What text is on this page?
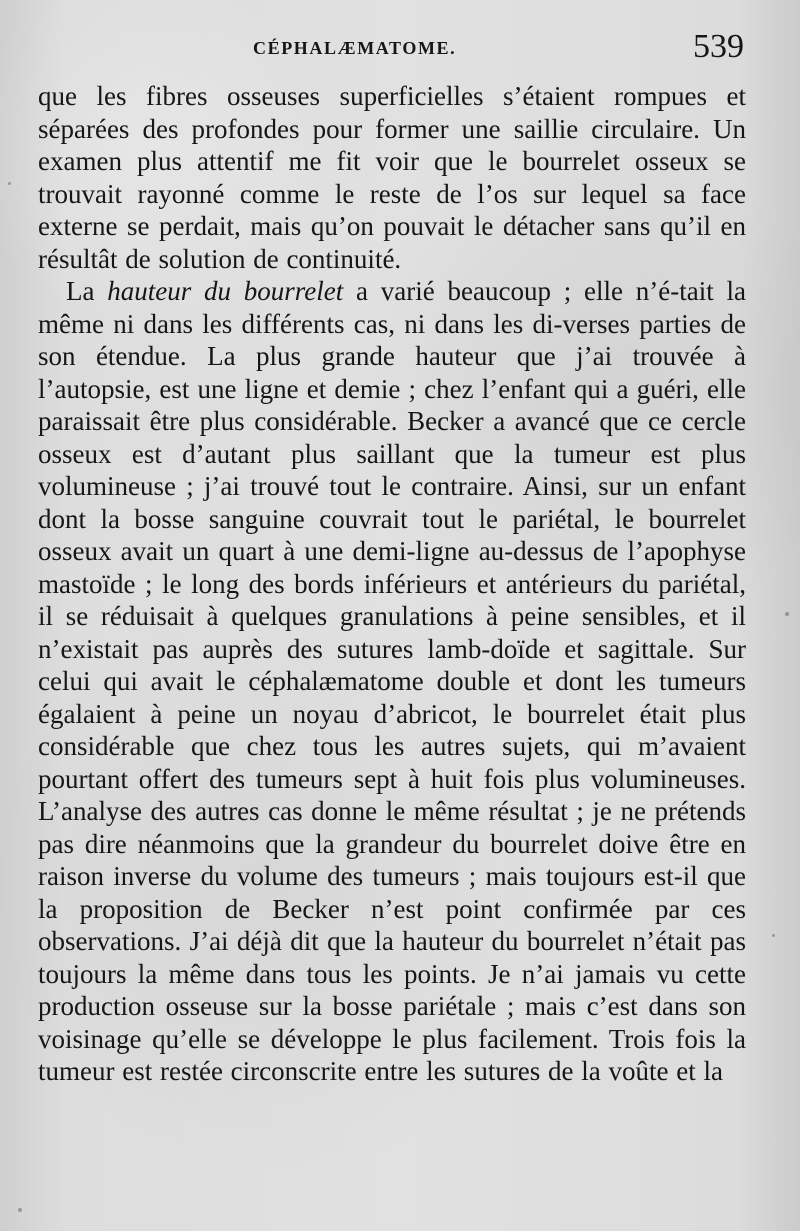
CÉPHALÆMATOME.	539

que les fibres osseuses superficielles s’étaient rompues et séparées des profondes pour former une saillie circulaire. Un examen plus attentif me fit voir que le bourrelet osseux se trouvait rayonné comme le reste de l’os sur lequel sa face externe se perdait, mais qu’on pouvait le détacher sans qu’il en résultât de solution de continuité.

La hauteur du bourrelet a varié beaucoup ; elle n’é-tait la même ni dans les différents cas, ni dans les di-verses parties de son étendue. La plus grande hauteur que j’ai trouvée à l’autopsie, est une ligne et demie ; chez l’enfant qui a guéri, elle paraissait être plus considérable. Becker a avancé que ce cercle osseux est d’autant plus saillant que la tumeur est plus volumineuse ; j’ai trouvé tout le contraire. Ainsi, sur un enfant dont la bosse sanguine couvrait tout le pariétal, le bourrelet osseux avait un quart à une demi-ligne au-dessus de l’apophyse mastoïde ; le long des bords inférieurs et antérieurs du pariétal, il se réduisait à quelques granulations à peine sensibles, et il n’existait pas auprès des sutures lamb-doïde et sagittale. Sur celui qui avait le céphalæmatome double et dont les tumeurs égalaient à peine un noyau d’abricot, le bourrelet était plus considérable que chez tous les autres sujets, qui m’avaient pourtant offert des tumeurs sept à huit fois plus volumineuses. L’analyse des autres cas donne le même résultat ; je ne prétends pas dire néanmoins que la grandeur du bourrelet doive être en raison inverse du volume des tumeurs ; mais toujours est-il que la proposition de Becker n’est point confirmée par ces observations. J’ai déjà dit que la hauteur du bourrelet n’était pas toujours la même dans tous les points. Je n’ai jamais vu cette production osseuse sur la bosse pariétale ; mais c’est dans son voisinage qu’elle se développe le plus facilement. Trois fois la tumeur est restée circonscrite entre les sutures de la voûte et la
